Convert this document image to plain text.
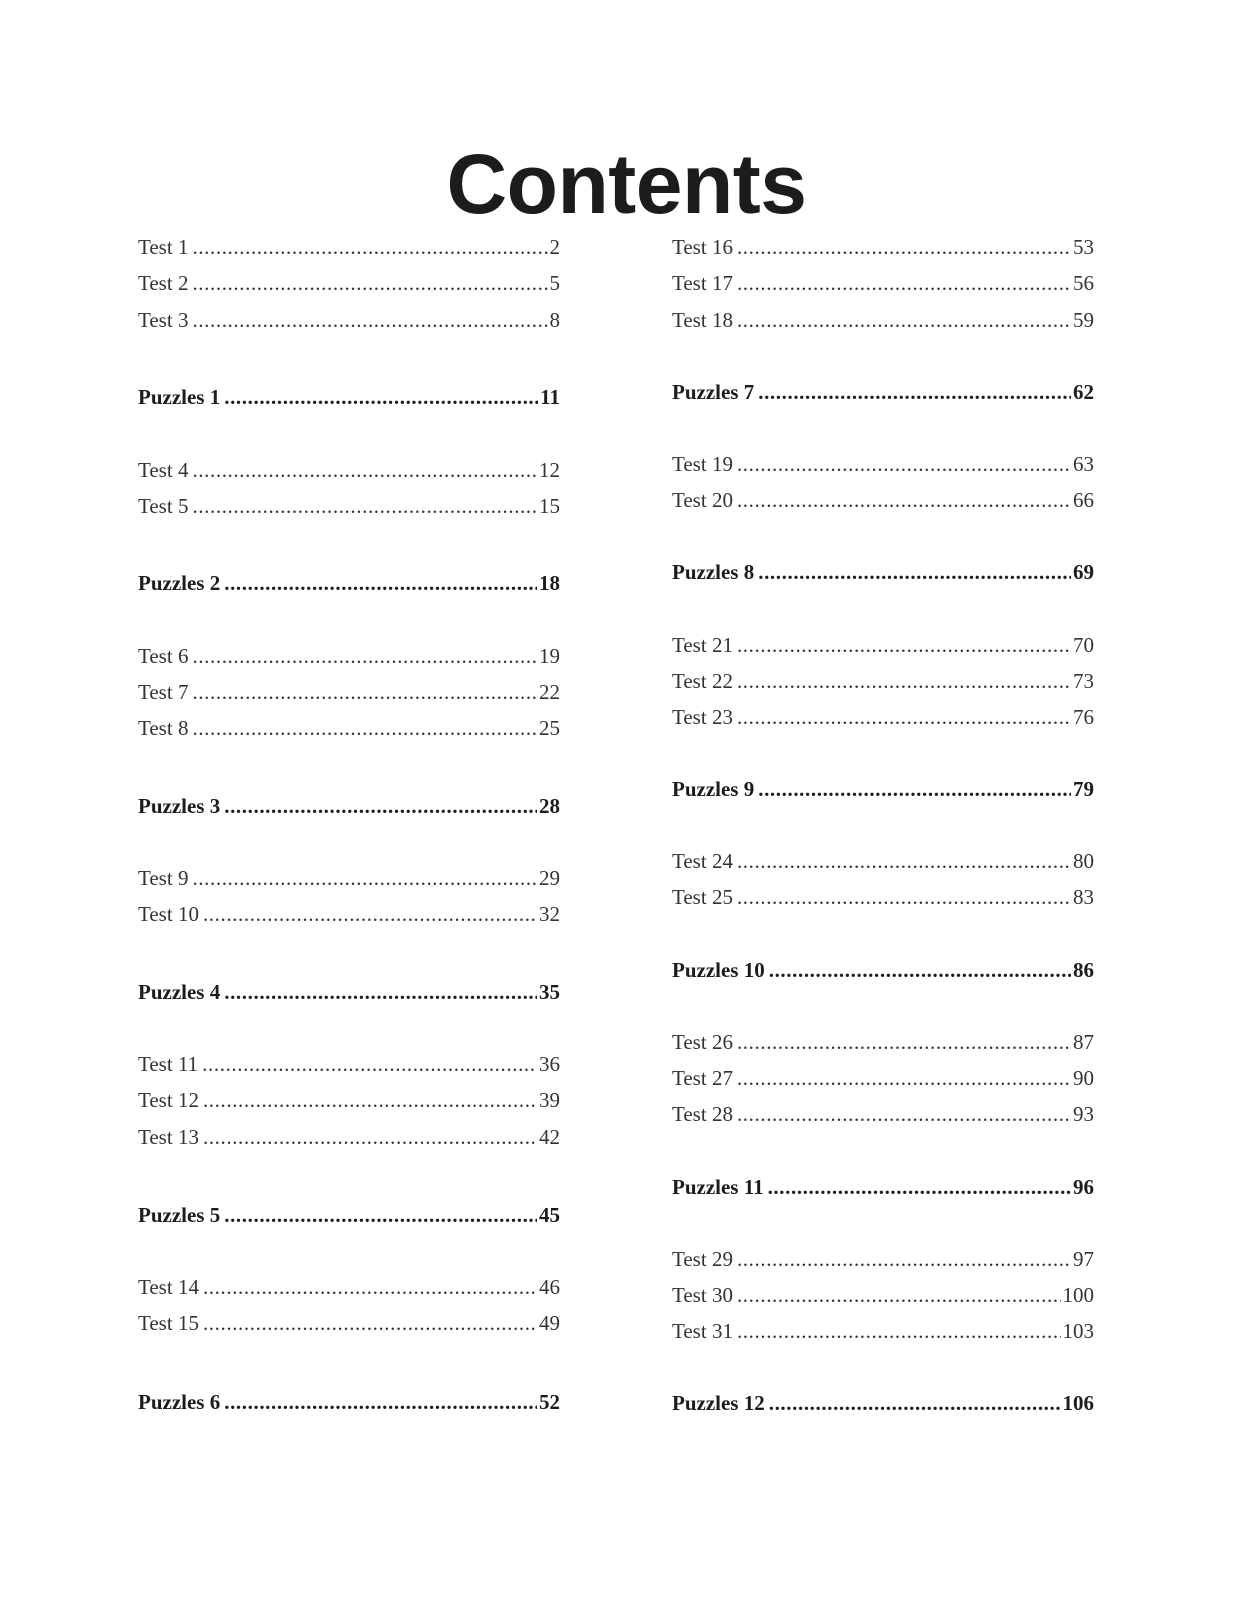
Contents
Test 1 .....	2
Test 2 .....	5
Test 3 .....	8
Puzzles 1 .....	11
Test 4 .....	12
Test 5 .....	15
Puzzles 2 .....	18
Test 6 .....	19
Test 7 .....	22
Test 8 .....	25
Puzzles 3 .....	28
Test 9 .....	29
Test 10 .....	32
Puzzles 4 .....	35
Test 11 .....	36
Test 12 .....	39
Test 13 .....	42
Puzzles 5 .....	45
Test 14 .....	46
Test 15 .....	49
Puzzles 6 .....	52
Test 16 .....	53
Test 17 .....	56
Test 18 .....	59
Puzzles 7 .....	62
Test 19 .....	63
Test 20 .....	66
Puzzles 8 .....	69
Test 21 .....	70
Test 22 .....	73
Test 23 .....	76
Puzzles 9 .....	79
Test 24 .....	80
Test 25 .....	83
Puzzles 10 .....	86
Test 26 .....	87
Test 27 .....	90
Test 28 .....	93
Puzzles 11 .....	96
Test 29 .....	97
Test 30 .....	100
Test 31 .....	103
Puzzles 12 .....	106
